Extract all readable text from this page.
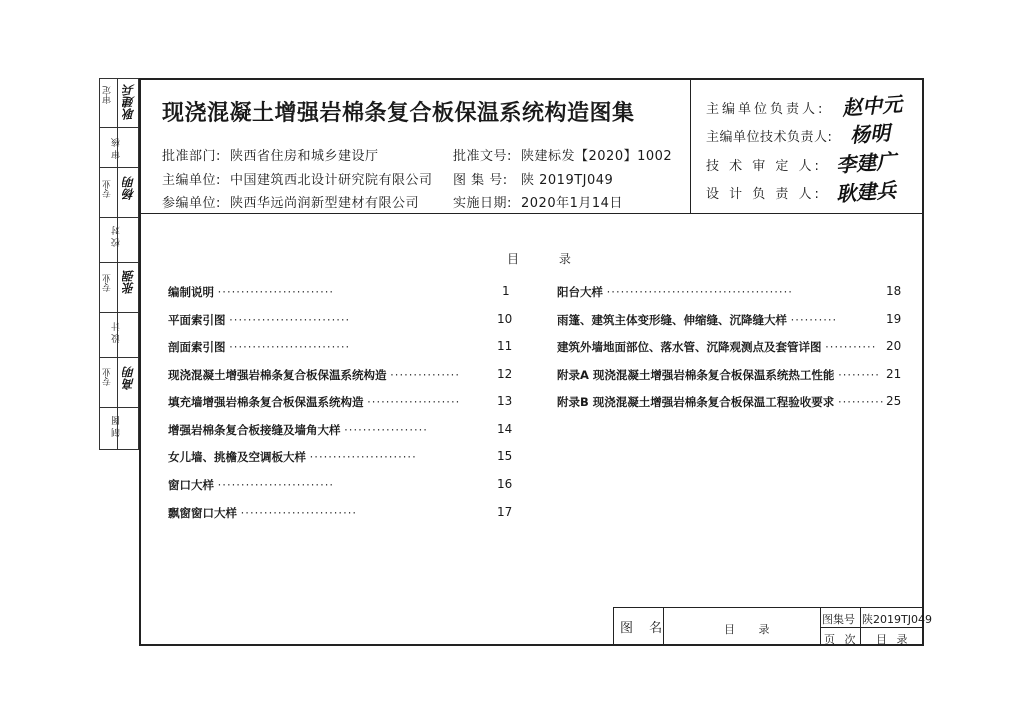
审定 耿建兵
审 核
专业 杨明
校 对
专业 张强
设 计
专业 高明
制 图
现浇混凝土增强岩棉条复合板保温系统构造图集
批准部门: 陕西省住房和城乡建设厅
主编单位: 中国建筑西北设计研究院有限公司
参编单位: 陕西华远尚润新型建材有限公司
批准文号: 陕建标发【2020】1002
图 集 号: 陕 2019TJ049
实施日期: 2020年1月14日
主编单位负责人: 赵中元
主编单位技术负责人: 杨明
技 术 审 定 人: 李建广
设 计 负 责 人: 耿建兵
目 录
编制说明 ·························	1
平面索引图 ··························	10
剖面索引图 ··························	11
现浇混凝土增强岩棉条复合板保温系统构造 ···············	12
填充墙增强岩棉条复合板保温系统构造 ····················	13
增强岩棉条复合板接缝及墙角大样 ··················	14
女儿墙、挑檐及空调板大样 ·······················	15
窗口大样 ·························	16
飘窗窗口大样 ·························	17
阳台大样 ········································	18
雨篷、建筑主体变形缝、伸缩缝、沉降缝大样 ··········	19
建筑外墙地面部位、落水管、沉降观测点及套管详图 ··········· 20
附录A 现浇混凝土增强岩棉条复合板保温系统热工性能 ········· 21
附录B 现浇混凝土增强岩棉条复合板保温工程验收要求 ·········· 25
图 名	目 录
图集号 陕2019TJ049
页 次 目 录
